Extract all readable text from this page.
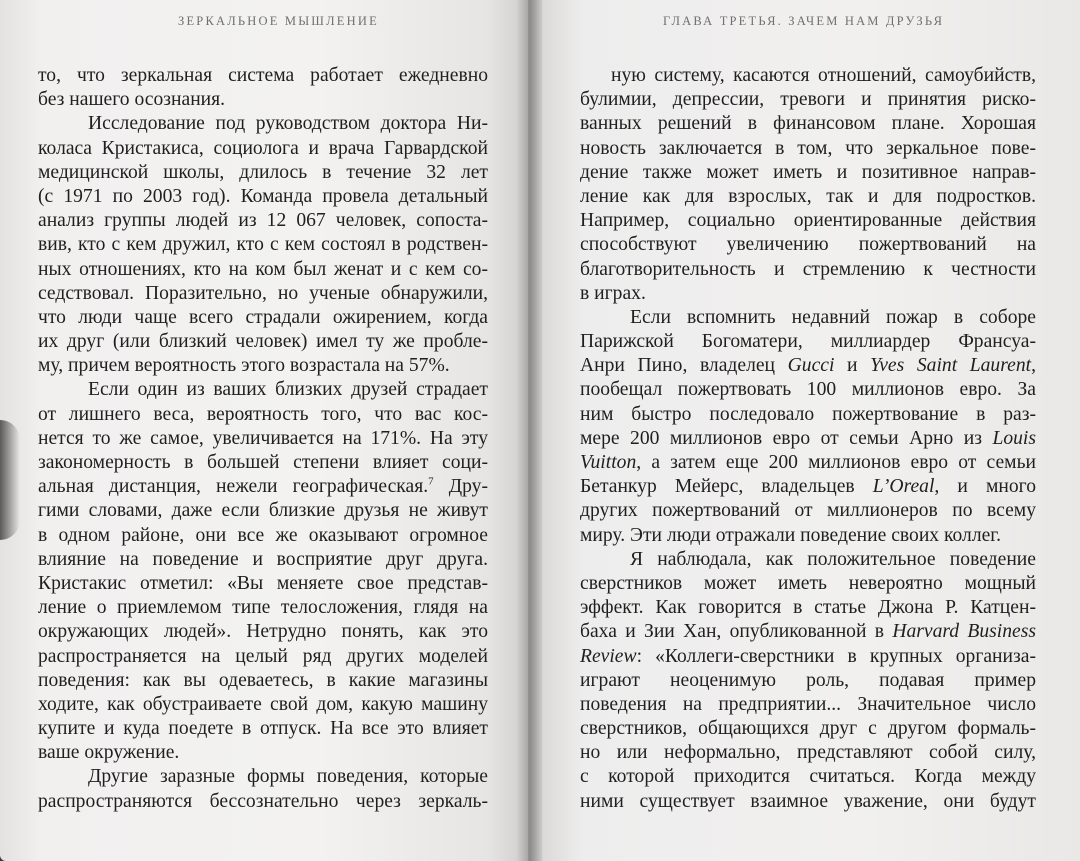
ЗЕРКАЛЬНОЕ МЫШЛЕНИЕ
то, что зеркальная система работает ежедневно
без нашего осознания.
Исследование под руководством доктора Ни-
колаcа Кристакиса, социолога и врача Гарвардской
медицинской школы, длилось в течение 32 лет
(с 1971 по 2003 год). Команда провела детальный
анализ группы людей из 12 067 человек, сопостa-
вив, кто с кем дружил, кто с кем состоял в родствен-
ных отношениях, кто на ком был женат и с кем со-
седствовал. Поразительно, но ученые обнаружили,
что люди чаще всего страдали ожирением, когда
их друг (или близкий человек) имел ту же пробле-
му, причем вероятность этого возрастала на 57%.
Если один из ваших близких друзей страдает
от лишнего веса, вероятность того, что вас кос-
нется то же самое, увеличивается на 171%. На эту
закономерность в большей степени влияет соци-
альная дистанция, нежели географическая.$^7$ Дру-
гими словами, даже если близкие друзья не живут
в одном районе, они все же оказывают огромное
влияние на поведение и восприятие друг друга.
Кристакис отметил: «Вы меняете свое представ-
ление о приемлемом типе телосложения, глядя на
окружающих людей». Нетрудно понять, как это
распространяется на целый ряд других моделей
поведения: как вы одеваетесь, в какие магазины
ходите, как обустраиваете свой дом, какую машину
купите и куда поедете в отпуск. На все это влияет
ваше окружение.
Другие заразные формы поведения, которые
распространяются бессознательно через зеркаль-
ГЛАВА ТРЕТЬЯ. ЗАЧЕМ НАМ ДРУЗЬЯ
ную систему, касаются отношений, самоубийств,
булимии, депрессии, тревоги и принятия риско-
ванных решений в финансовом плане. Хорошая
новость заключается в том, что зеркальное пове-
дение также может иметь и позитивное направ-
ление как для взрослых, так и для подростков.
Например, социально ориентированные действия
способствуют увеличению пожертвований на
благотворительность и стремлению к честности
в играх.
Если вспомнить недавний пожар в соборе
Парижской Богоматери, миллиардер Франсуа-
Анри Пино, владелец Gucci и Yves Saint Laurent,
пообещал пожертвовать 100 миллионов евро. За
ним быстро последовало пожертвование в раз-
мере 200 миллионов евро от семьи Арно из Louis
Vuitton, а затем еще 200 миллионов евро от семьи
Бетанкур Мейерс, владельцев L’Oreal, и много
других пожертвований от миллионеров по всему
миру. Эти люди отражали поведение своих коллег.
Я наблюдала, как положительное поведение
сверстников может иметь невероятно мощный
эффект. Как говорится в статье Джона Р. Катцен-
баха и Зии Хан, опубликованной в Harvard Business
Review: «Коллеги-сверстники в крупных организа-
играют неоценимую роль, подавая пример
поведения на предприятии... Значительное число
сверстников, общающихся друг с другом формаль-
но или неформально, представляют собой силу,
с которой приходится считаться. Когда между
ними существует взаимное уважение, они будут
